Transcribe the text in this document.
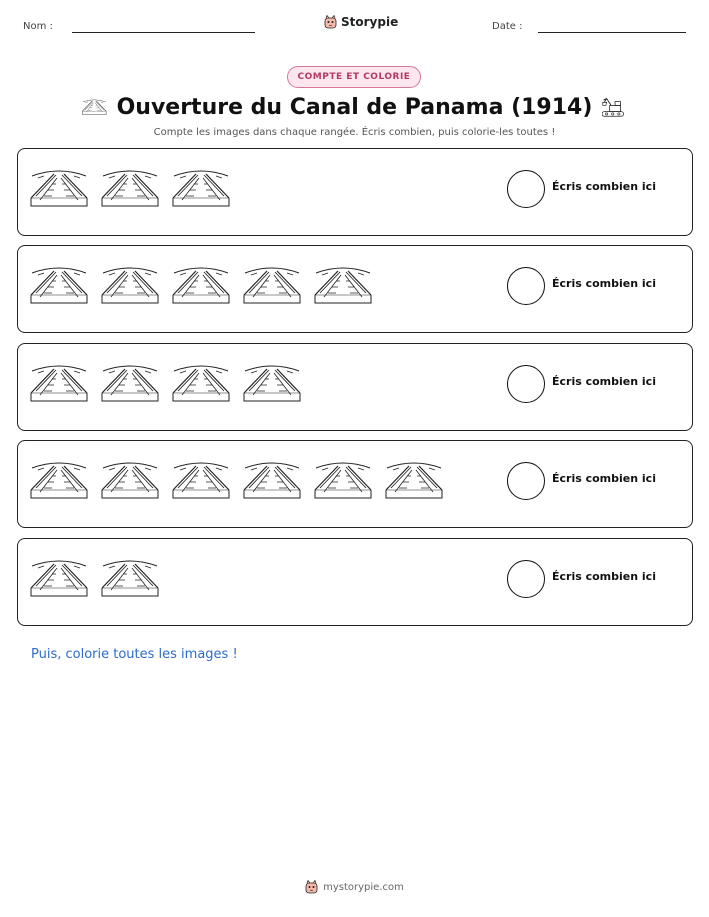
Nom :	Storypie	Date :
COMPTE ET COLORIE
Ouverture du Canal de Panama (1914)
Compte les images dans chaque rangée. Écris combien, puis colorie-les toutes !
Écris combien ici
Écris combien ici
Écris combien ici
Écris combien ici
Écris combien ici
Puis, colorie toutes les images !
mystorypie.com
